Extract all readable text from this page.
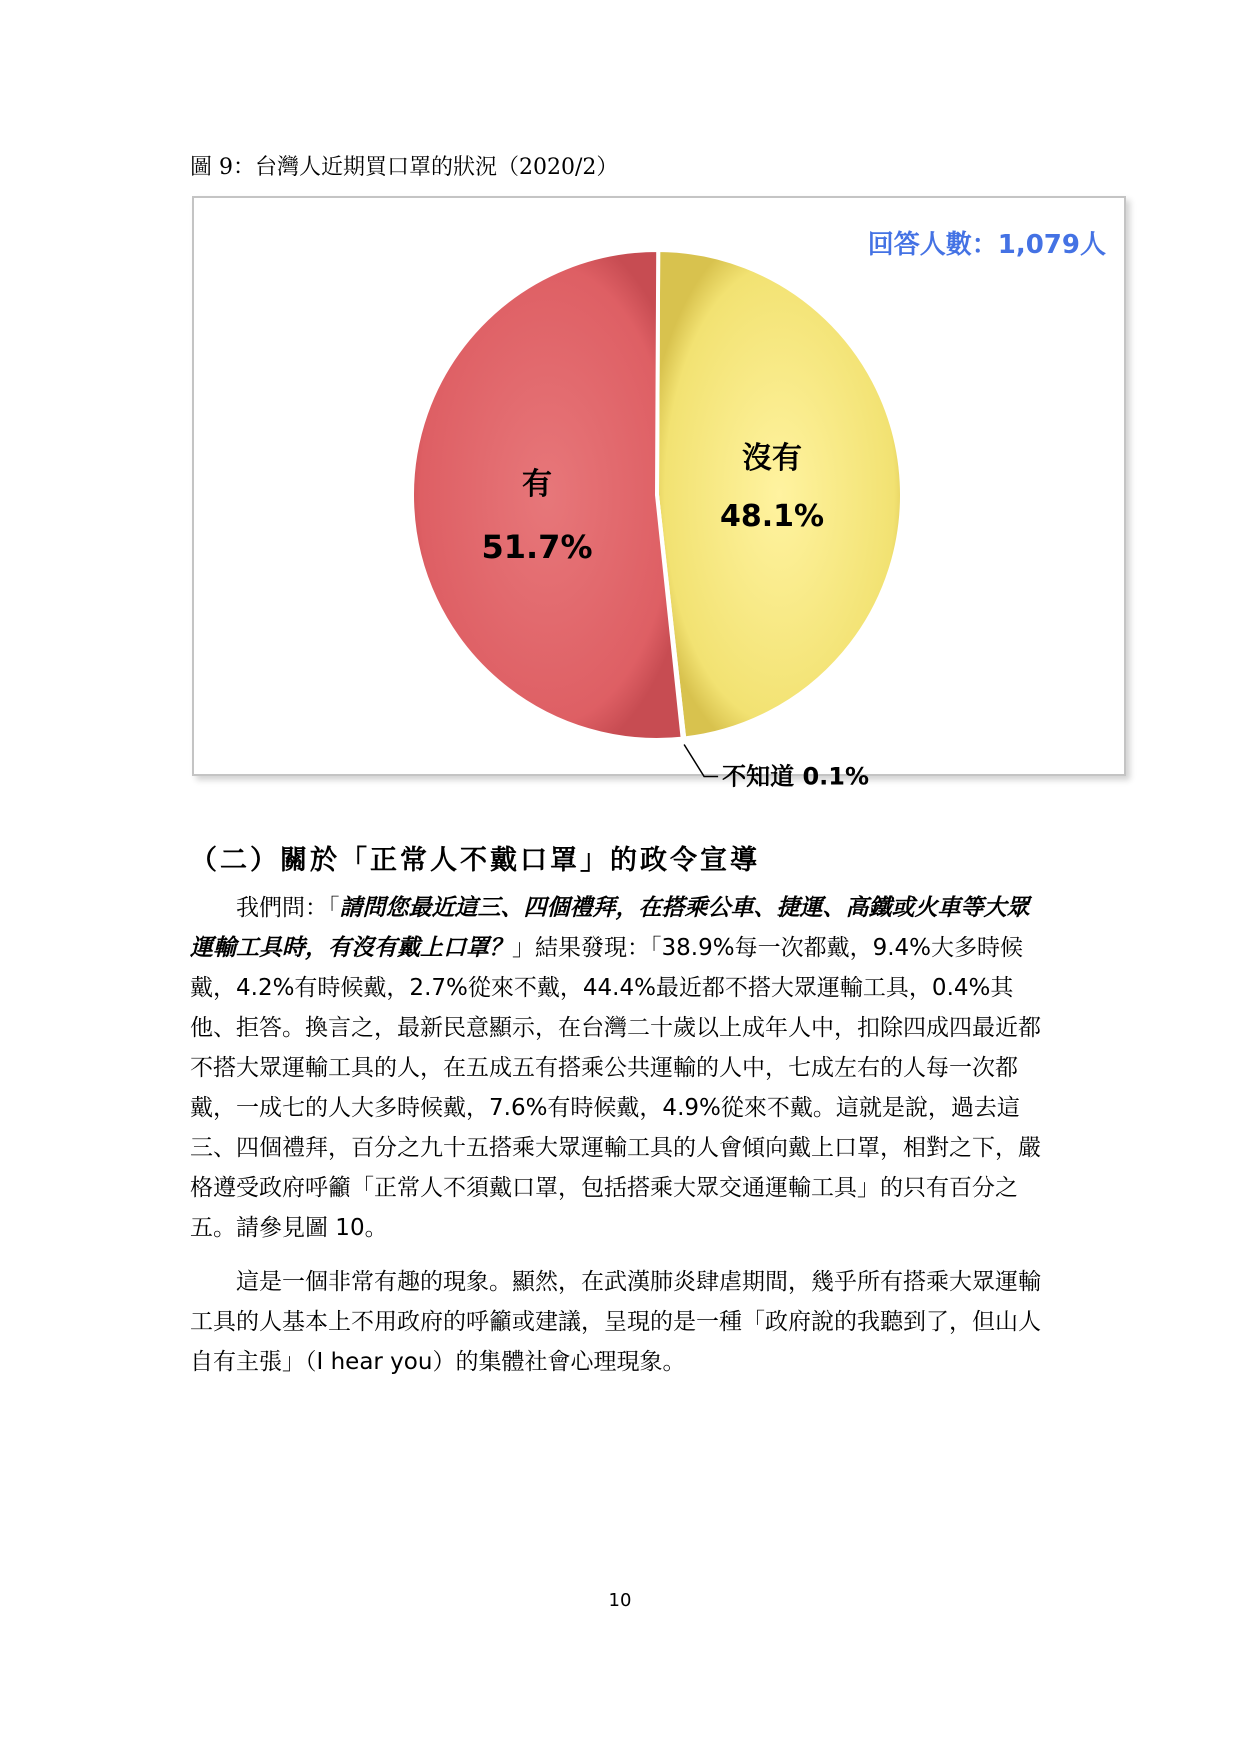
圖 9：台灣人近期買口罩的狀況（2020/2）
回答人數：1,079人
沒有
48.1%
有
51.7%
不知道 0.1%
（二）關於「正常人不戴口罩」的政令宣導

我們問：「請問您最近這三、四個禮拜，在搭乘公車、捷運、高鐵或火車等大眾運輸工具時，有沒有戴上口罩？」結果發現：「38.9%每一次都戴，9.4%大多時候戴，4.2%有時候戴，2.7%從來不戴，44.4%最近都不搭大眾運輸工具，0.4%其他、拒答。換言之，最新民意顯示，在台灣二十歲以上成年人中，扣除四成四最近都不搭大眾運輸工具的人，在五成五有搭乘公共運輸的人中，七成左右的人每一次都戴，一成七的人大多時候戴，7.6%有時候戴，4.9%從來不戴。這就是說，過去這三、四個禮拜，百分之九十五搭乘大眾運輸工具的人會傾向戴上口罩，相對之下，嚴格遵受政府呼籲「正常人不須戴口罩，包括搭乘大眾交通運輸工具」的只有百分之五。請參見圖 10。

這是一個非常有趣的現象。顯然，在武漢肺炎肆虐期間，幾乎所有搭乘大眾運輸工具的人基本上不用政府的呼籲或建議，呈現的是一種「政府說的我聽到了，但山人自有主張」（I hear you）的集體社會心理現象。

10
